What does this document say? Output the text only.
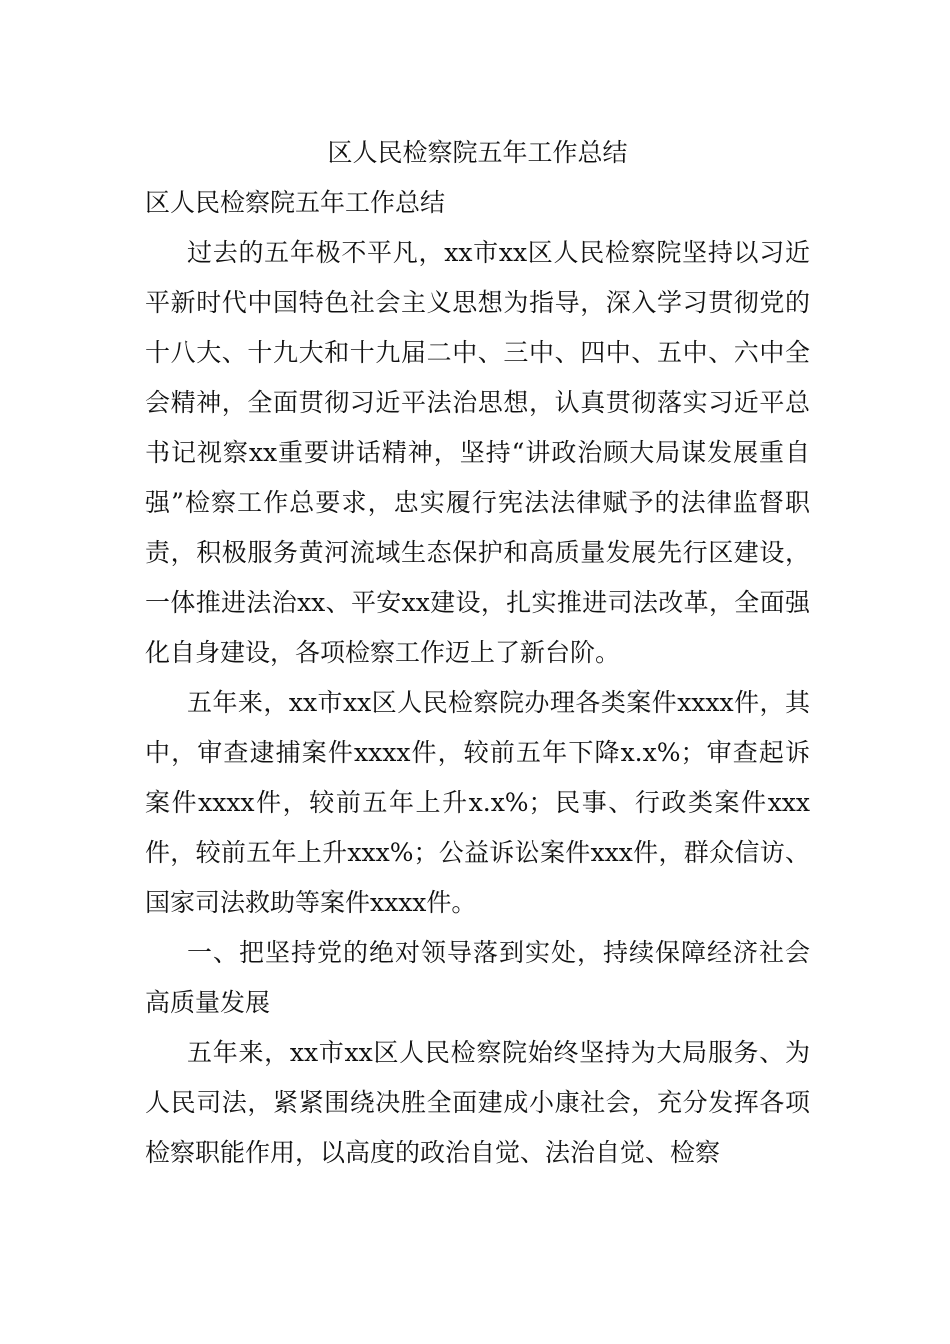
区人民检察院五年工作总结

区人民检察院五年工作总结

过去的五年极不平凡，xx市xx区人民检察院坚持以习近平新时代中国特色社会主义思想为指导，深入学习贯彻党的十八大、十九大和十九届二中、三中、四中、五中、六中全会精神，全面贯彻习近平法治思想，认真贯彻落实习近平总书记视察xx重要讲话精神，坚持“讲政治顾大局谋发展重自强”检察工作总要求，忠实履行宪法法律赋予的法律监督职责，积极服务黄河流域生态保护和高质量发展先行区建设，一体推进法治xx、平安xx建设，扎实推进司法改革，全面强化自身建设，各项检察工作迈上了新台阶。

五年来，xx市xx区人民检察院办理各类案件xxxx件，其中，审查逮捕案件xxxx件，较前五年下降x.x%；审查起诉案件xxxx件，较前五年上升x.x%；民事、行政类案件xxx件，较前五年上升xxx%；公益诉讼案件xxx件，群众信访、国家司法救助等案件xxxx件。

一、把坚持党的绝对领导落到实处，持续保障经济社会高质量发展

五年来，xx市xx区人民检察院始终坚持为大局服务、为人民司法，紧紧围绕决胜全面建成小康社会，充分发挥各项检察职能作用，以高度的政治自觉、法治自觉、检察
